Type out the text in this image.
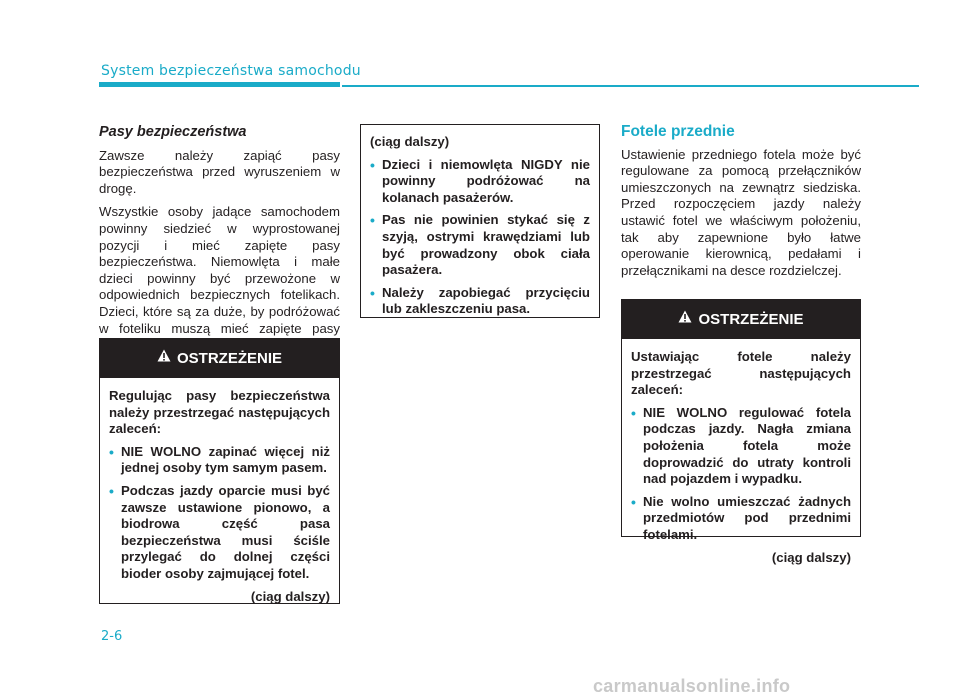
System bezpieczeństwa samochodu
Pasy bezpieczeństwa

Zawsze należy zapiąć pasy bezpieczeństwa przed wyruszeniem w drogę.

Wszystkie osoby jadące samochodem powinny siedzieć w wyprostowanej pozycji i mieć zapięte pasy bezpieczeństwa. Niemowlęta i małe dzieci powinny być przewożone w odpowiednich bezpiecznych fotelikach. Dzieci, które są za duże, by podróżować w foteliku muszą mieć zapięte pasy

OSTRZEŻENIE

Regulując pasy bezpieczeństwa należy przestrzegać następujących zaleceń:

• NIE WOLNO zapinać więcej niż jednej osoby tym samym pasem.
• Podczas jazdy oparcie musi być zawsze ustawione pionowo, a biodrowa część pasa bezpieczeństwa musi ściśle przylegać do dolnej części bioder osoby zajmującej fotel.
(ciąg dalszy)

(ciąg dalszy)

• Dzieci i niemowlęta NIGDY nie powinny podróżować na kolanach pasażerów.
• Pas nie powinien stykać się z szyją, ostrymi krawędziami lub być prowadzony obok ciała pasażera.
• Należy zapobiegać przycięciu lub zakleszczeniu pasa.
Fotele przednie

Ustawienie przedniego fotela może być regulowane za pomocą przełączników umieszczonych na zewnątrz siedziska. Przed rozpoczęciem jazdy należy ustawić fotel we właściwym położeniu, tak aby zapewnione było łatwe operowanie kierownicą, pedałami i przełącznikami na desce rozdzielczej.

OSTRZEŻENIE

Ustawiając fotele należy przestrzegać następujących zaleceń:

• NIE WOLNO regulować fotela podczas jazdy. Nagła zmiana położenia fotela może doprowadzić do utraty kontroli nad pojazdem i wypadku.
• Nie wolno umieszczać żadnych przedmiotów pod przednimi fotelami.
(ciąg dalszy)
2-6
carmanualsonline.info
